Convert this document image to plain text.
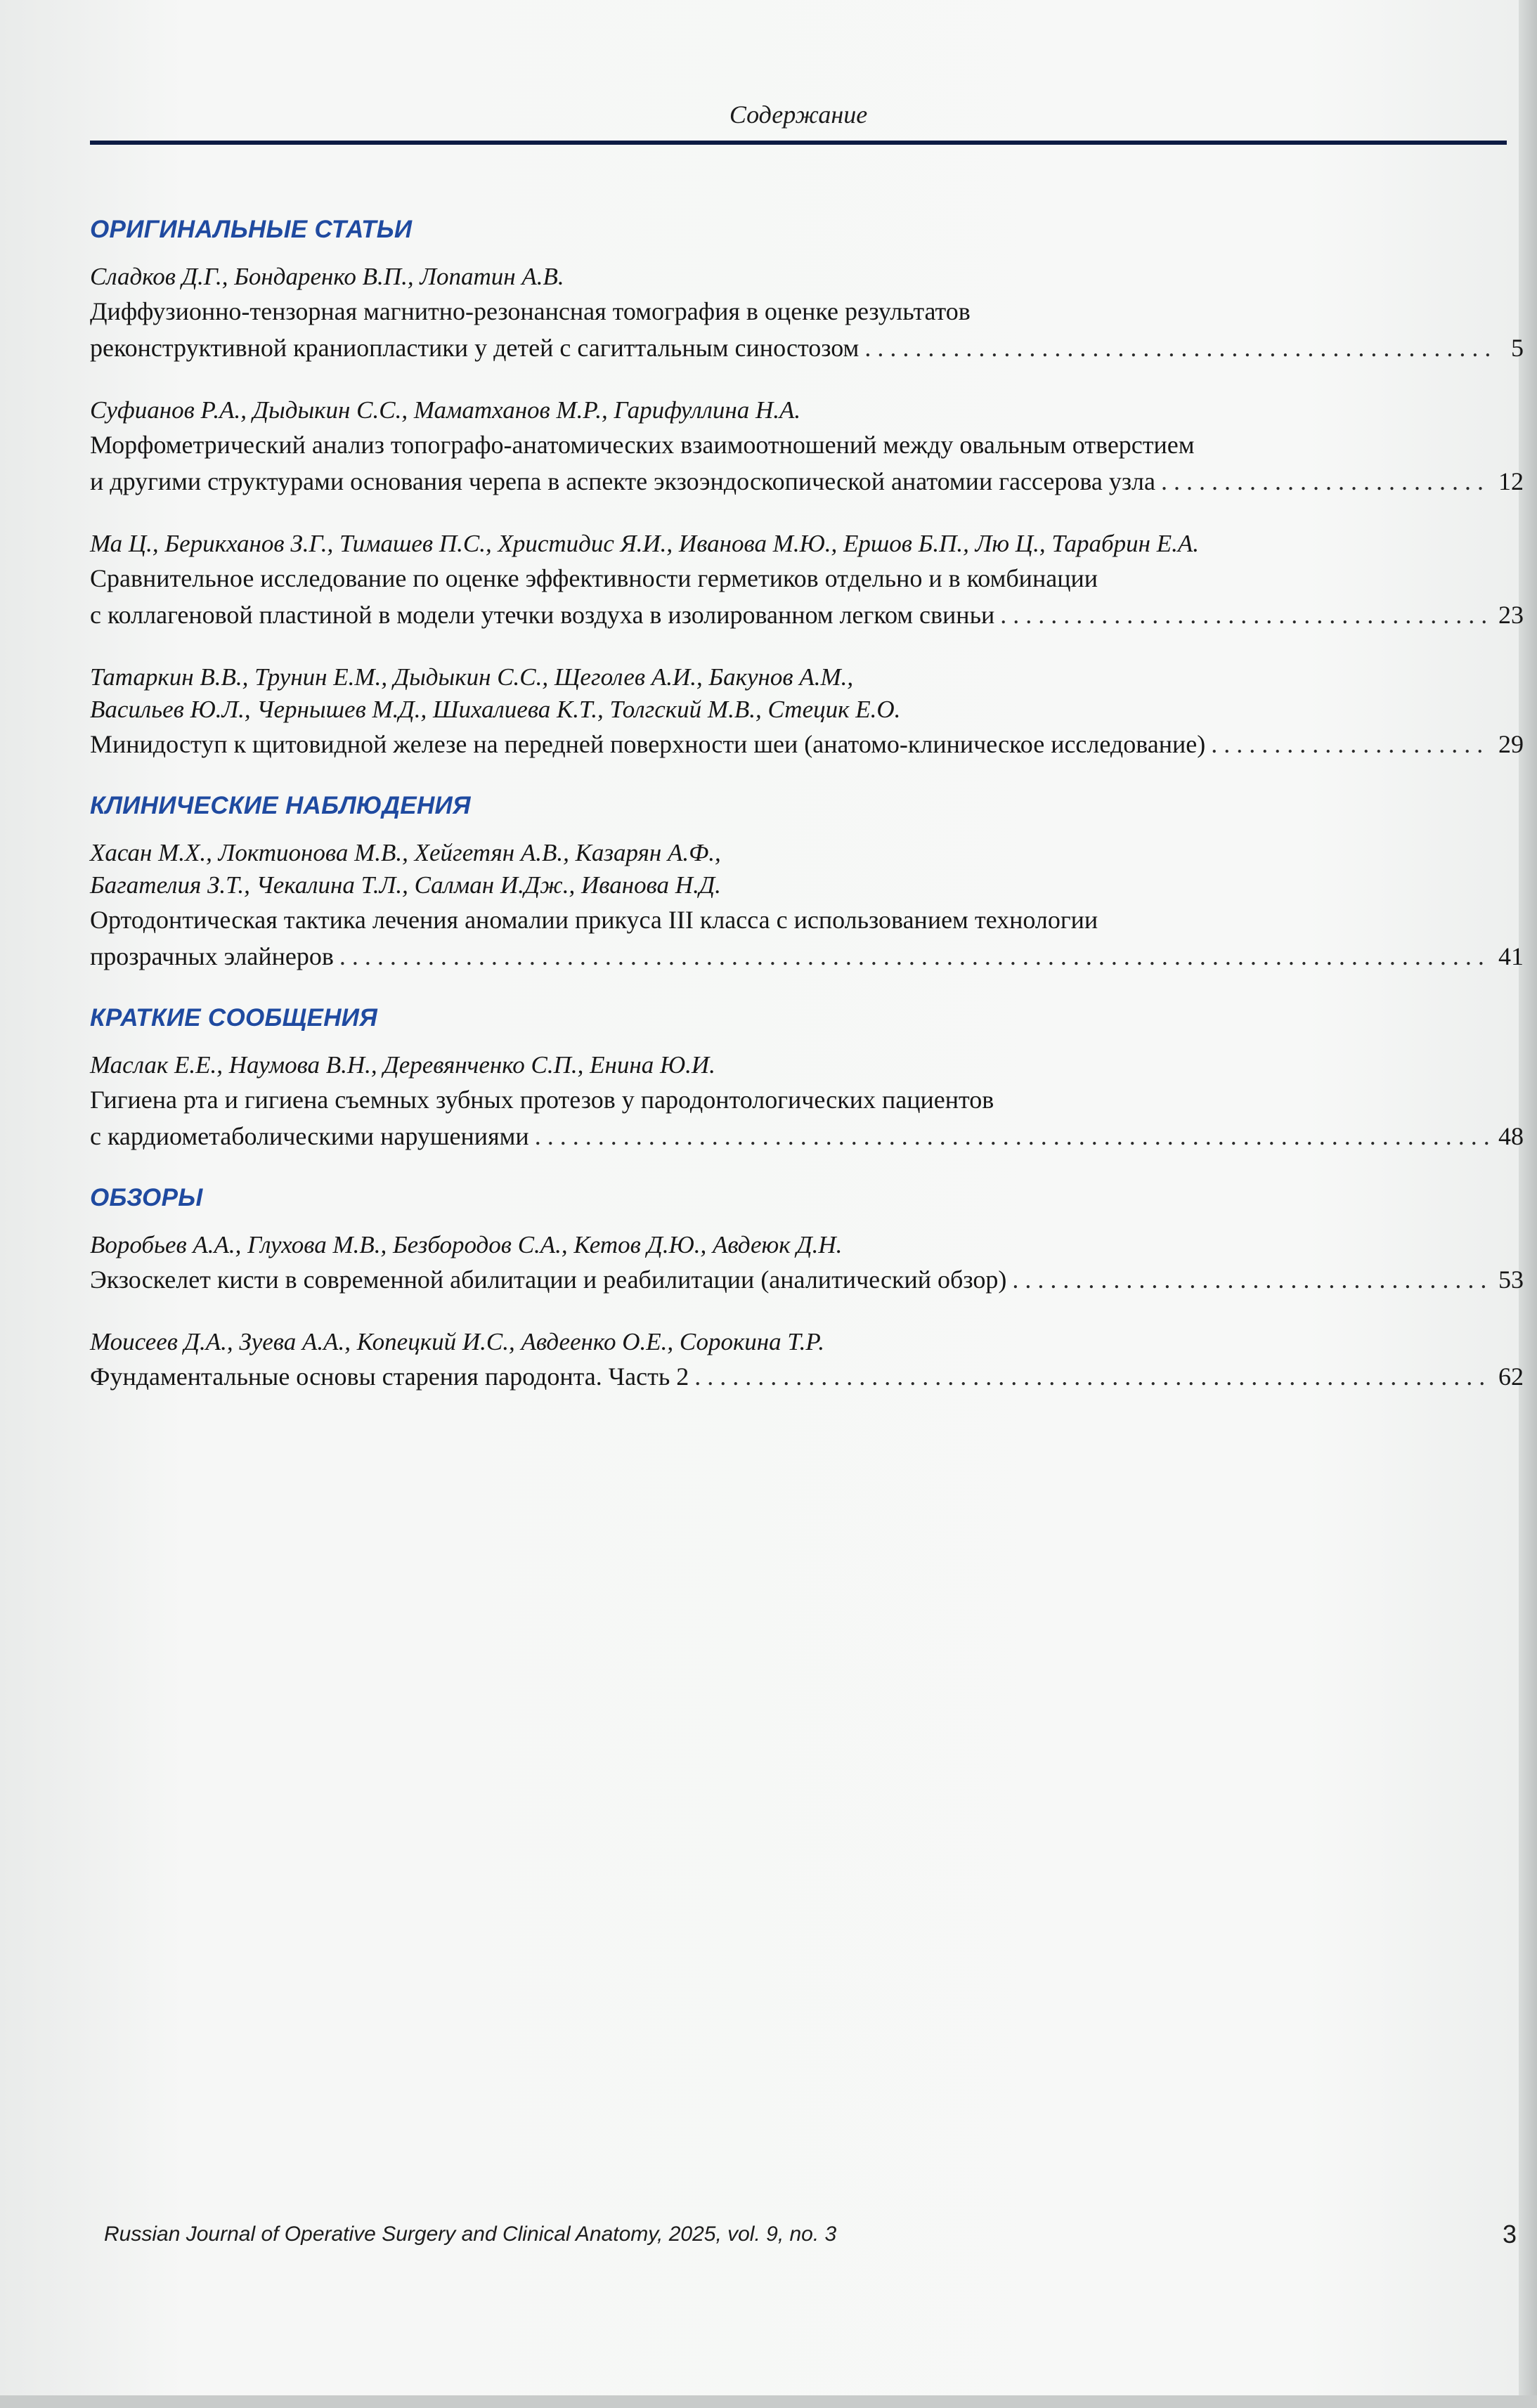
Содержание
ОРИГИНАЛЬНЫЕ СТАТЬИ
Сладков Д.Г., Бондаренко В.П., Лопатин А.В.
Диффузионно-тензорная магнитно-резонансная томография в оценке результатов
реконструктивной краниопластики у детей с сагиттальным синостозом . . .	5
Суфианов Р.А., Дыдыкин С.С., Маматханов М.Р., Гарифуллина Н.А.
Морфометрический анализ топографо-анатомических взаимоотношений между овальным отверстием
и другими структурами основания черепа в аспекте экзоэндоскопической анатомии гассерова узла . . .	12
Ма Ц., Берикханов З.Г., Тимашев П.С., Христидис Я.И., Иванова М.Ю., Ершов Б.П., Лю Ц., Тарабрин Е.А.
Сравнительное исследование по оценке эффективности герметиков отдельно и в комбинации
с коллагеновой пластиной в модели утечки воздуха в изолированном легком свиньи . . .	23
Татаркин В.В., Трунин Е.М., Дыдыкин С.С., Щеголев А.И., Бакунов А.М.,
Васильев Ю.Л., Чернышев М.Д., Шихалиева К.Т., Толгский М.В., Стецик Е.О.
Минидоступ к щитовидной железе на передней поверхности шеи (анатомо-клиническое исследование) . . .	29
КЛИНИЧЕСКИЕ НАБЛЮДЕНИЯ
Хасан М.Х., Локтионова М.В., Хейгетян А.В., Казарян А.Ф.,
Багателия З.Т., Чекалина Т.Л., Салман И.Дж., Иванова Н.Д.
Ортодонтическая тактика лечения аномалии прикуса III класса с использованием технологии
прозрачных элайнеров . . .	41
КРАТКИЕ СООБЩЕНИЯ
Маслак Е.Е., Наумова В.Н., Деревянченко С.П., Енина Ю.И.
Гигиена рта и гигиена съемных зубных протезов у пародонтологических пациентов
с кардиометаболическими нарушениями . . .	48
ОБЗОРЫ
Воробьев А.А., Глухова М.В., Безбородов С.А., Кетов Д.Ю., Авдеюк Д.Н.
Экзоскелет кисти в современной абилитации и реабилитации (аналитический обзор) . . .	53
Моисеев Д.А., Зуева А.А., Копецкий И.С., Авдеенко О.Е., Сорокина Т.Р.
Фундаментальные основы старения пародонта. Часть 2 . . .	62
Russian Journal of Operative Surgery and Clinical Anatomy, 2025, vol. 9, no. 3	3
